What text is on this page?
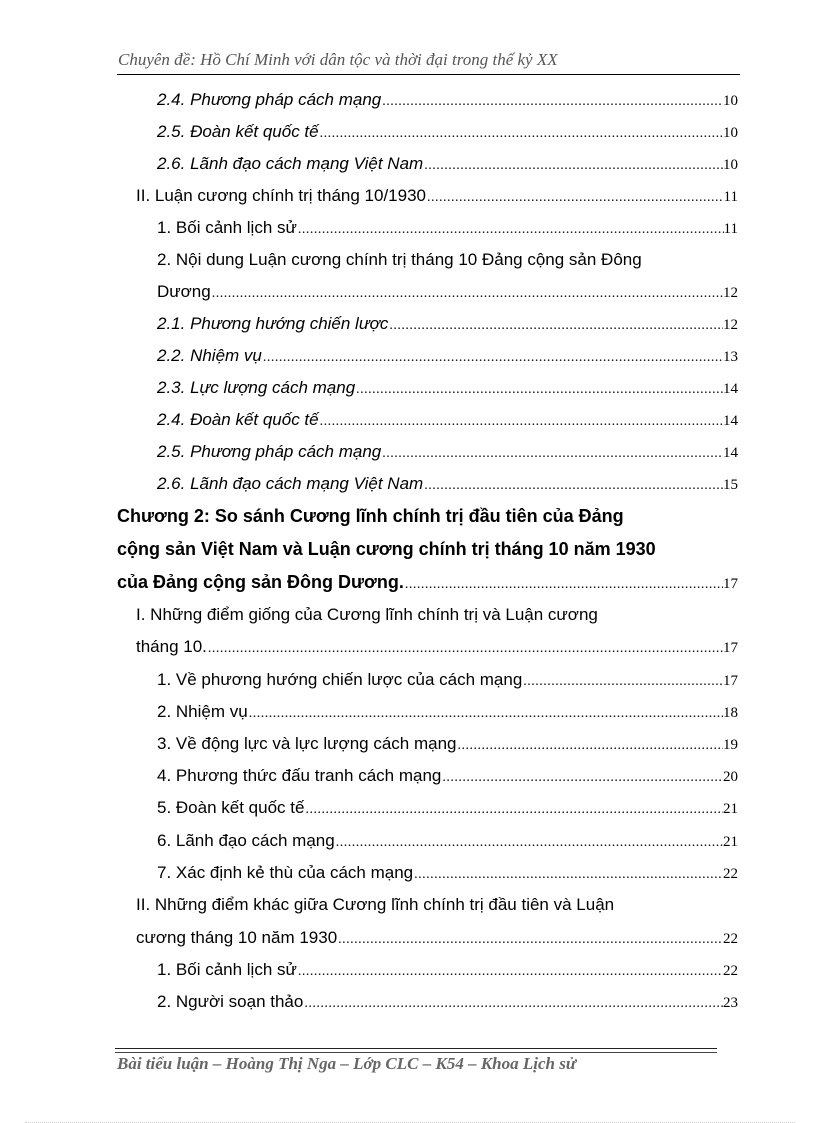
Chuyên đề: Hồ Chí Minh với dân tộc và thời đại trong thế kỷ XX
2.4. Phương pháp cách mạng .....	10
2.5. Đoàn kết quốc tế .....	10
2.6. Lãnh đạo cách mạng Việt Nam .....	10
II. Luận cương chính trị tháng 10/1930 .....	11
1. Bối cảnh lịch sử .....	11
2. Nội dung Luận cương chính trị tháng 10 Đảng cộng sản Đông
Dương .....	12
2.1. Phương hướng chiến lược .....	12
2.2. Nhiệm vụ .....	13
2.3. Lực lượng cách mạng .....	14
2.4. Đoàn kết quốc tế .....	14
2.5. Phương pháp cách mạng .....	14
2.6. Lãnh đạo cách mạng Việt Nam .....	15
Chương 2: So sánh Cương lĩnh chính trị đầu tiên của Đảng
cộng sản Việt Nam và Luận cương chính trị tháng 10 năm 1930
của Đảng cộng sản Đông Dương. .....	17
I. Những điểm giống của Cương lĩnh chính trị và Luận cương
tháng 10. .....	17
1. Về phương hướng chiến lược của cách mạng .....	17
2. Nhiệm vụ .....	18
3. Về động lực và lực lượng cách mạng .....	19
4. Phương thức đấu tranh cách mạng .....	20
5. Đoàn kết quốc tế .....	21
6. Lãnh đạo cách mạng .....	21
7. Xác định kẻ thù của cách mạng .....	22
II. Những điểm khác giữa Cương lĩnh chính trị đầu tiên và Luận
cương tháng 10 năm 1930 .....	22
1. Bối cảnh lịch sử .....	22
2. Người soạn thảo .....	23
Bài tiểu luận – Hoàng Thị Nga – Lớp CLC – K54 – Khoa Lịch sử
